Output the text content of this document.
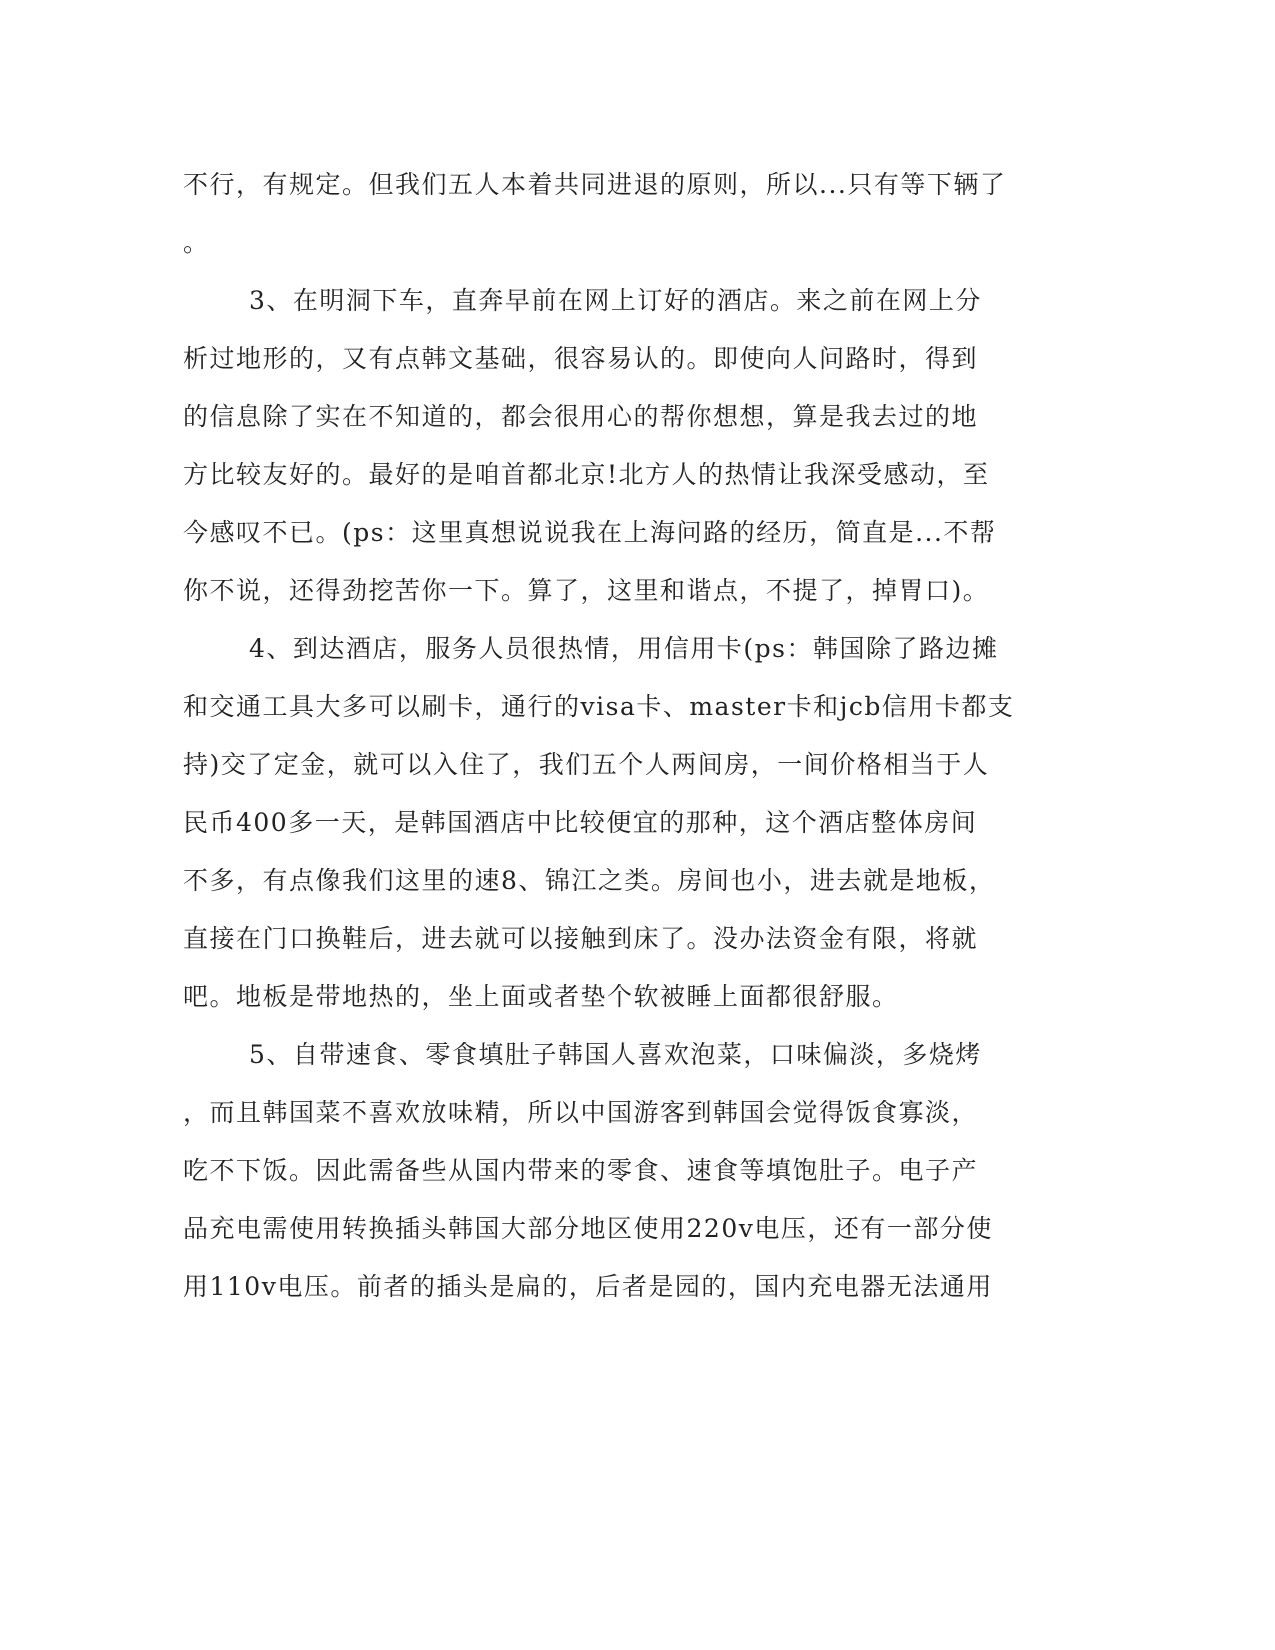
不行，有规定。但我们五人本着共同进退的原则，所以...只有等下辆了
。
3、在明洞下车，直奔早前在网上订好的酒店。来之前在网上分
析过地形的，又有点韩文基础，很容易认的。即使向人问路时，得到
的信息除了实在不知道的，都会很用心的帮你想想，算是我去过的地
方比较友好的。最好的是咱首都北京!北方人的热情让我深受感动，至
今感叹不已。(ps：这里真想说说我在上海问路的经历，简直是...不帮
你不说，还得劲挖苦你一下。算了，这里和谐点，不提了，掉胃口)。
4、到达酒店，服务人员很热情，用信用卡(ps：韩国除了路边摊
和交通工具大多可以刷卡，通行的visa卡、master卡和jcb信用卡都支
持)交了定金，就可以入住了，我们五个人两间房，一间价格相当于人
民币400多一天，是韩国酒店中比较便宜的那种，这个酒店整体房间
不多，有点像我们这里的速8、锦江之类。房间也小，进去就是地板，
直接在门口换鞋后，进去就可以接触到床了。没办法资金有限，将就
吧。地板是带地热的，坐上面或者垫个软被睡上面都很舒服。
5、自带速食、零食填肚子韩国人喜欢泡菜，口味偏淡，多烧烤
，而且韩国菜不喜欢放味精，所以中国游客到韩国会觉得饭食寡淡，
吃不下饭。因此需备些从国内带来的零食、速食等填饱肚子。电子产
品充电需使用转换插头韩国大部分地区使用220v电压，还有一部分使
用110v电压。前者的插头是扁的，后者是园的，国内充电器无法通用
